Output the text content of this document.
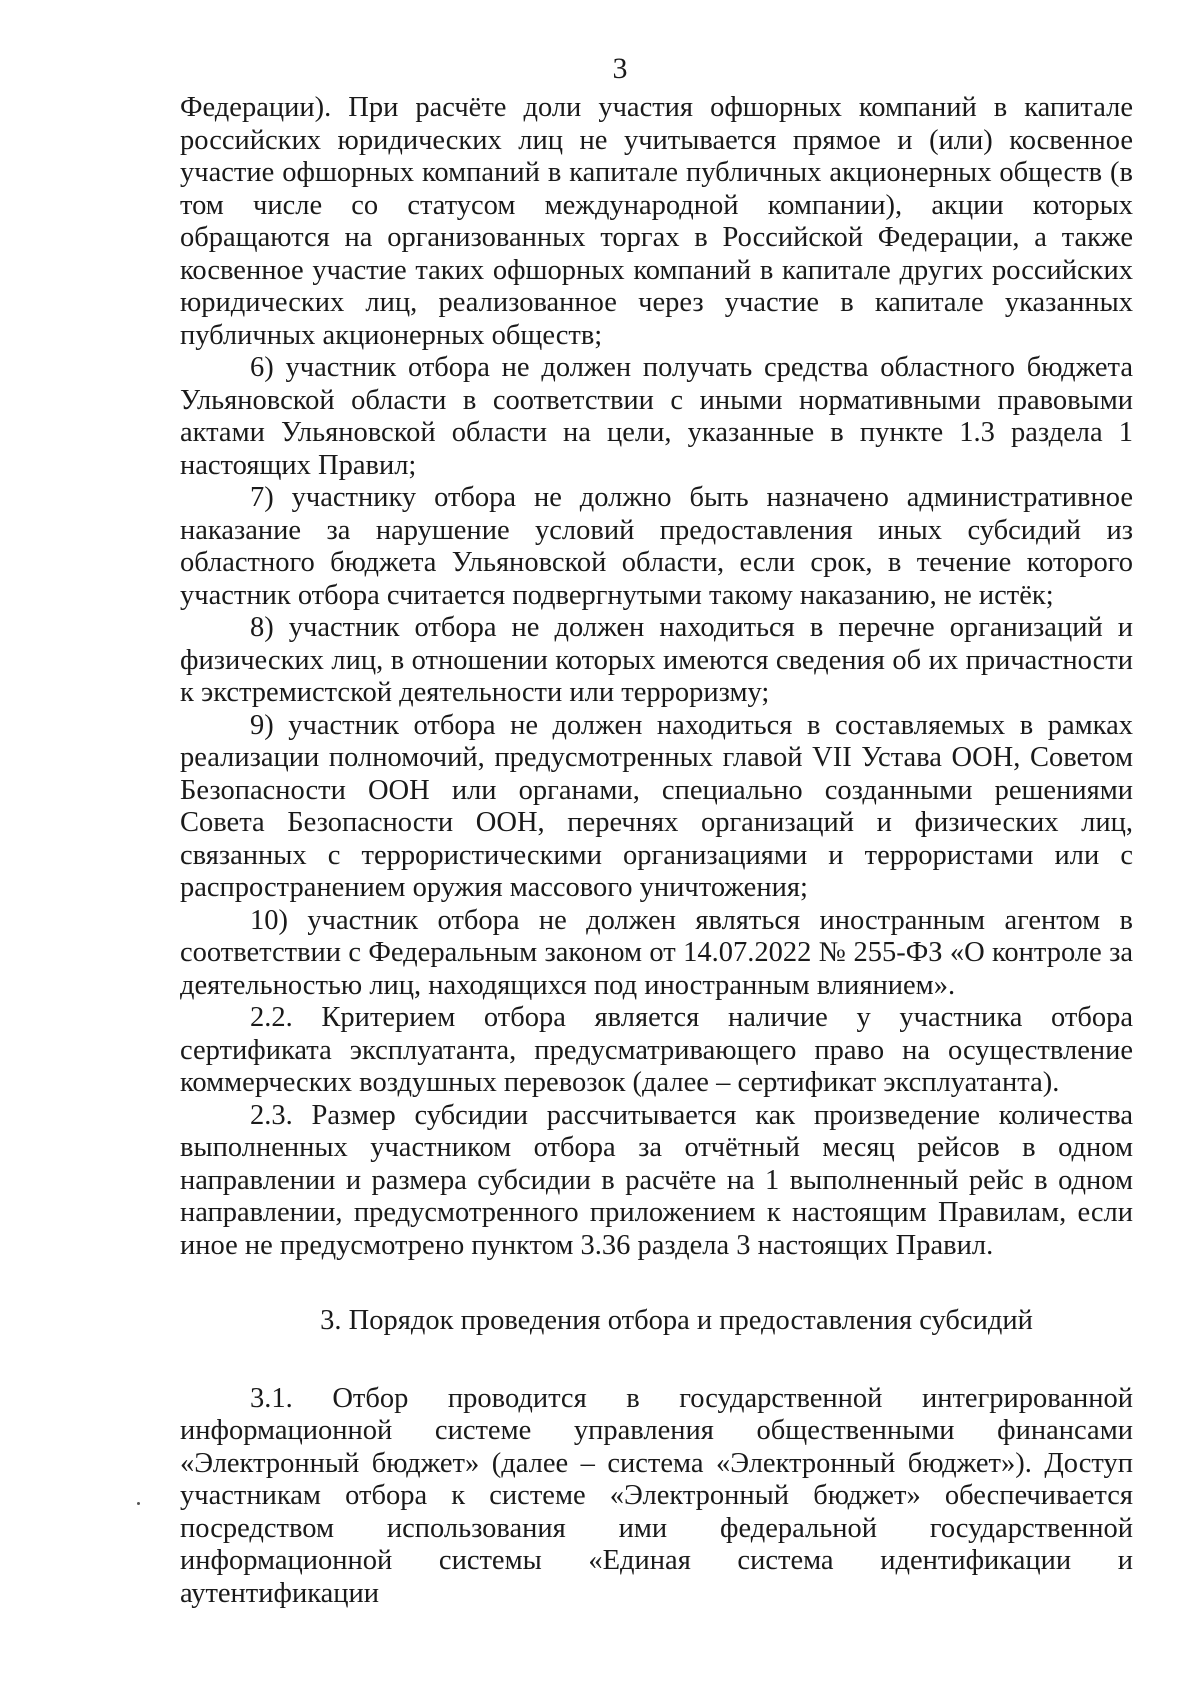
3

Федерации). При расчёте доли участия офшорных компаний в капитале российских юридических лиц не учитывается прямое и (или) косвенное участие офшорных компаний в капитале публичных акционерных обществ (в том числе со статусом международной компании), акции которых обращаются на организованных торгах в Российской Федерации, а также косвенное участие таких офшорных компаний в капитале других российских юридических лиц, реализованное через участие в капитале указанных публичных акционерных обществ;

6) участник отбора не должен получать средства областного бюджета Ульяновской области в соответствии с иными нормативными правовыми актами Ульяновской области на цели, указанные в пункте 1.3 раздела 1 настоящих Правил;

7) участнику отбора не должно быть назначено административное наказание за нарушение условий предоставления иных субсидий из областного бюджета Ульяновской области, если срок, в течение которого участник отбора считается подвергнутыми такому наказанию, не истёк;

8) участник отбора не должен находиться в перечне организаций и физических лиц, в отношении которых имеются сведения об их причастности к экстремистской деятельности или терроризму;

9) участник отбора не должен находиться в составляемых в рамках реализации полномочий, предусмотренных главой VII Устава ООН, Советом Безопасности ООН или органами, специально созданными решениями Совета Безопасности ООН, перечнях организаций и физических лиц, связанных с террористическими организациями и террористами или с распространением оружия массового уничтожения;

10) участник отбора не должен являться иностранным агентом в соответствии с Федеральным законом от 14.07.2022 № 255-ФЗ «О контроле за деятельностью лиц, находящихся под иностранным влиянием».

2.2. Критерием отбора является наличие у участника отбора сертификата эксплуатанта, предусматривающего право на осуществление коммерческих воздушных перевозок (далее – сертификат эксплуатанта).

2.3. Размер субсидии рассчитывается как произведение количества выполненных участником отбора за отчётный месяц рейсов в одном направлении и размера субсидии в расчёте на 1 выполненный рейс в одном направлении, предусмотренного приложением к настоящим Правилам, если иное не предусмотрено пунктом 3.36 раздела 3 настоящих Правил.

3. Порядок проведения отбора и предоставления субсидий

3.1. Отбор проводится в государственной интегрированной информационной системе управления общественными финансами «Электронный бюджет» (далее – система «Электронный бюджет»). Доступ участникам отбора к системе «Электронный бюджет» обеспечивается посредством использования ими федеральной государственной информационной системы «Единая система идентификации и аутентификации
